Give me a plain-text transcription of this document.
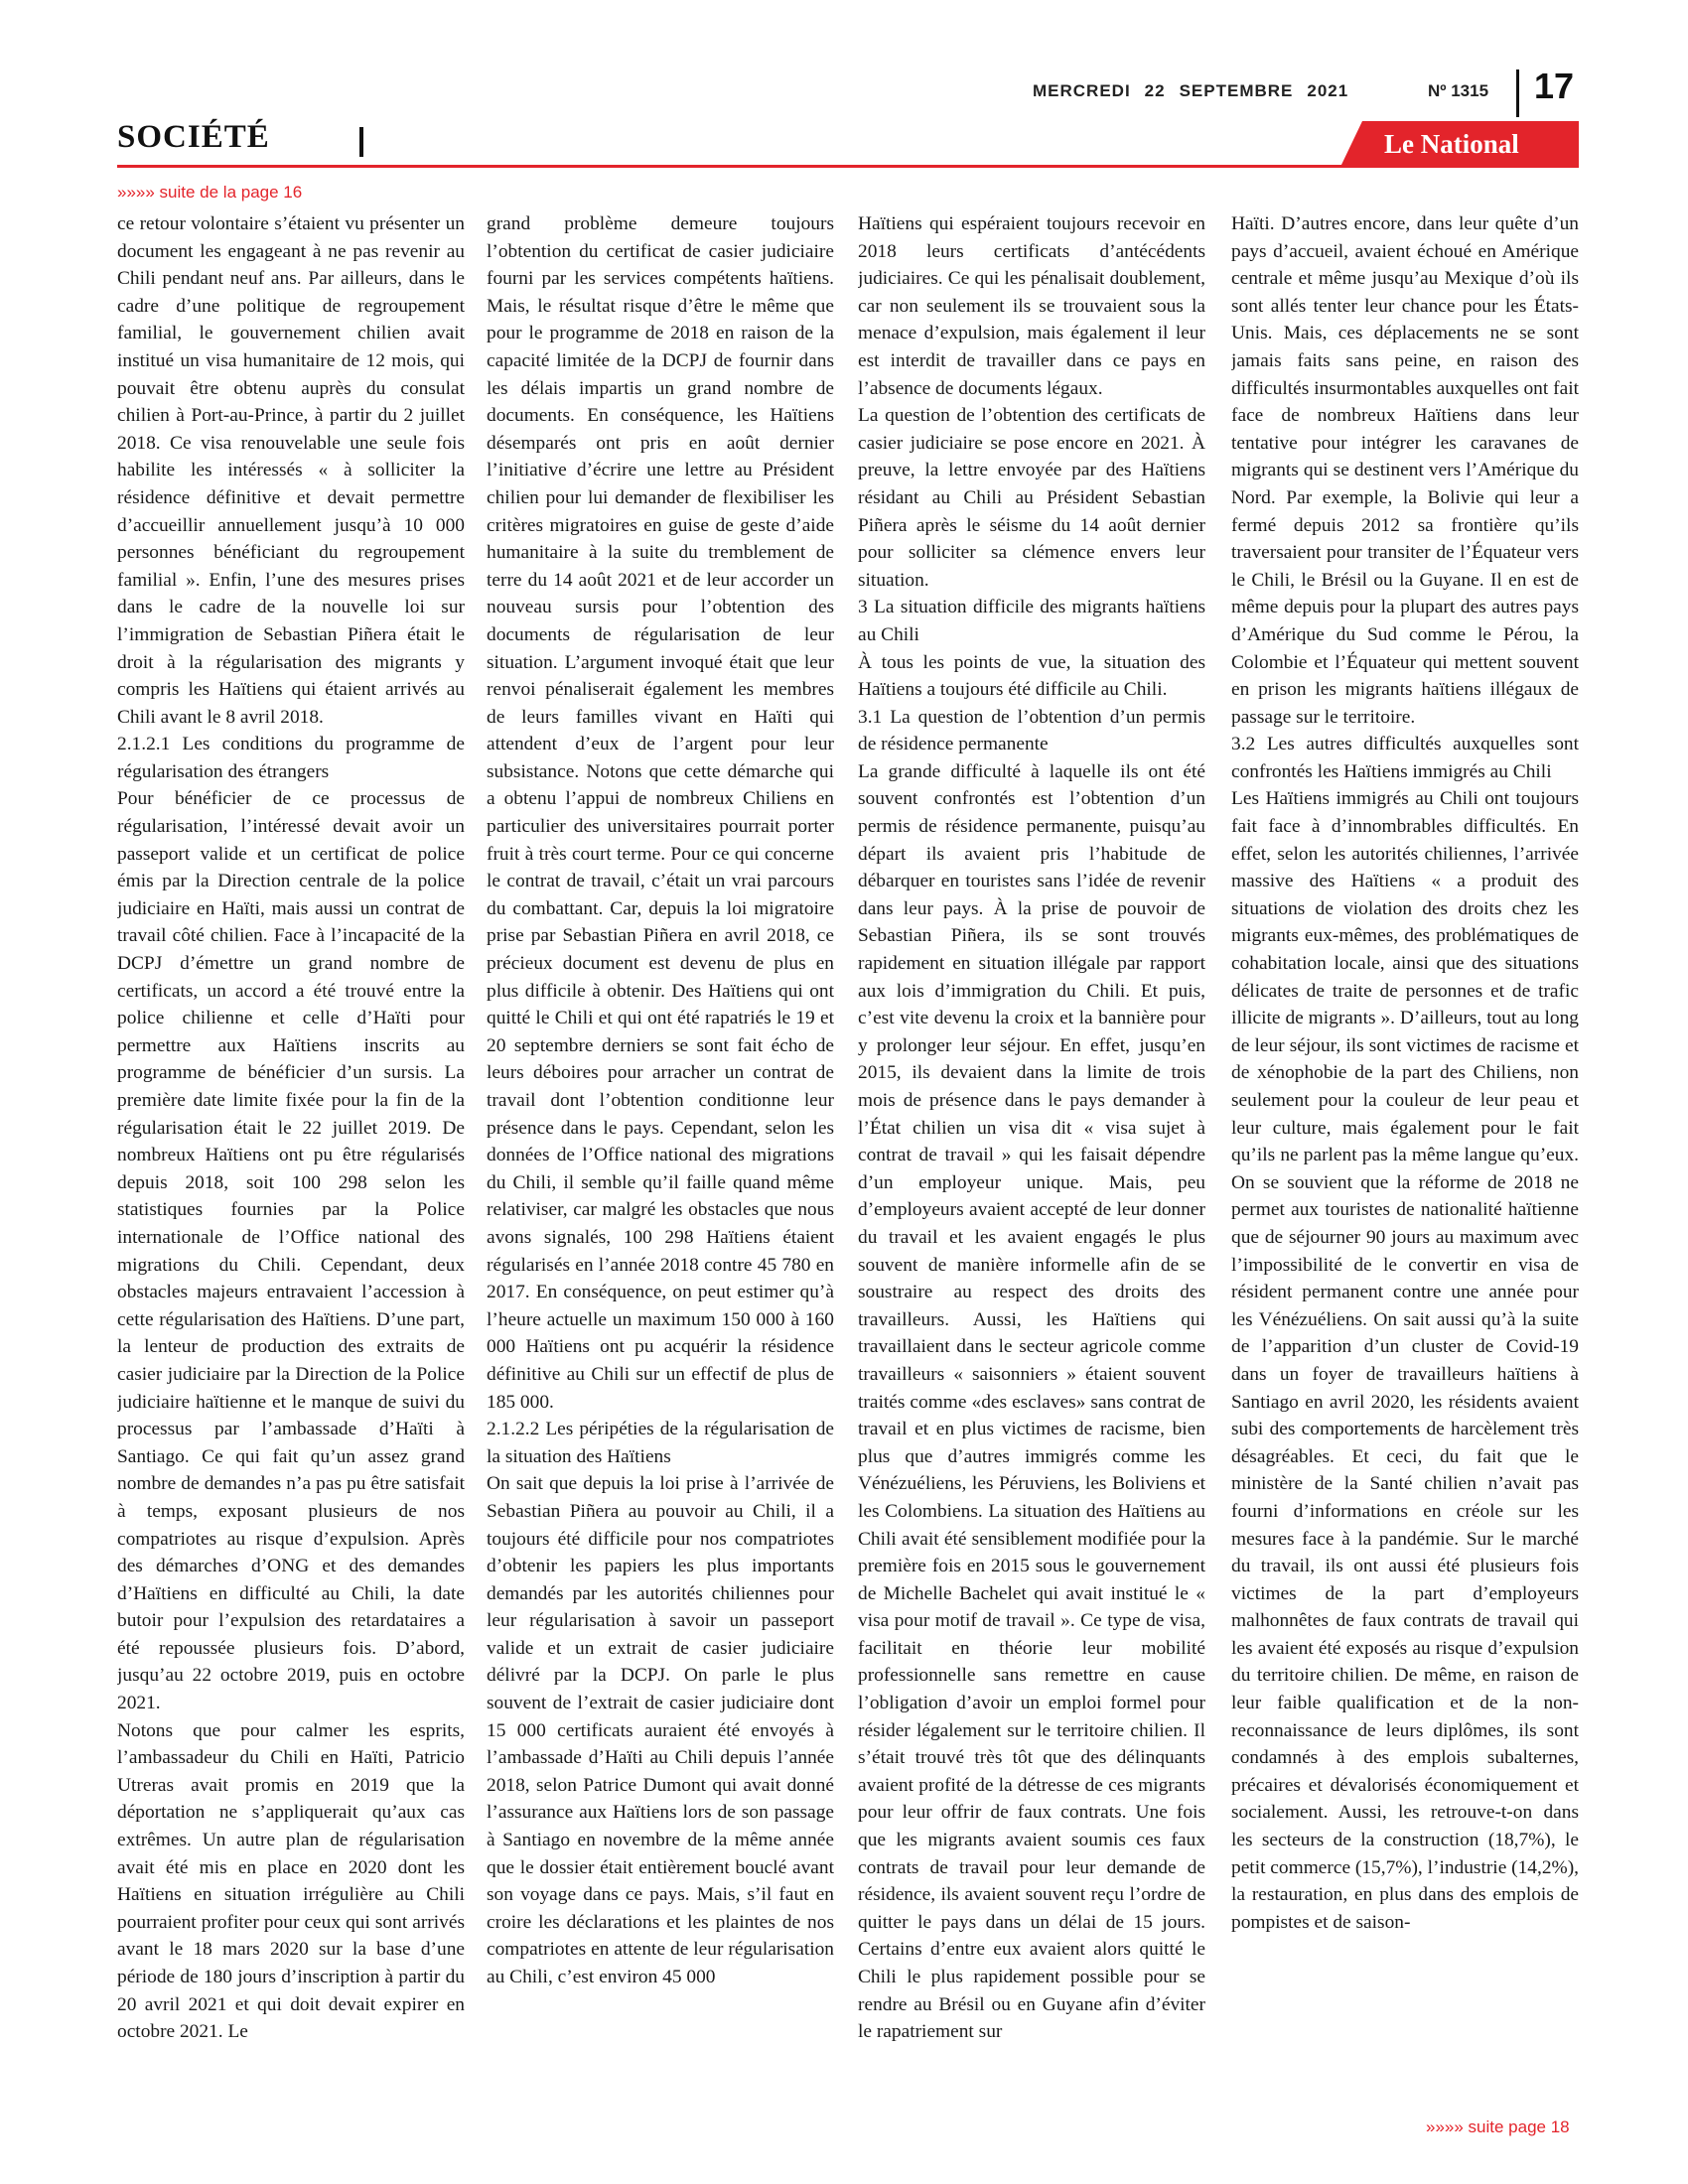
MERCREDI 22 SEPTEMBRE 2021	Nº 1315 17
SOCIÉTÉ	Le National
»»»» suite de la page 16

ce retour volontaire s’étaient vu présenter un document les engageant à ne pas revenir au Chili pendant neuf ans. Par ailleurs, dans le cadre d’une politique de regroupement familial, le gouvernement chilien avait institué un visa humanitaire de 12 mois, qui pouvait être obtenu auprès du consulat chilien à Port-au-Prince, à partir du 2 juillet 2018. Ce visa renouvelable une seule fois habilite les intéressés « à solliciter la résidence définitive et devait permettre d’accueillir annuellement jusqu’à 10 000 personnes bénéficiant du regroupement familial ». Enfin, l’une des mesures prises dans le cadre de la nouvelle loi sur l’immigration de Sebastian Piñera était le droit à la régularisation des migrants y compris les Haïtiens qui étaient arrivés au Chili avant le 8 avril 2018.

2.1.2.1 Les conditions du programme de régularisation des étrangers

Pour bénéficier de ce processus de régularisation, l’intéressé devait avoir un passeport valide et un certificat de police émis par la Direction centrale de la police judiciaire en Haïti, mais aussi un contrat de travail côté chilien. Face à l’incapacité de la DCPJ d’émettre un grand nombre de certificats, un accord a été trouvé entre la police chilienne et celle d’Haïti pour permettre aux Haïtiens inscrits au programme de bénéficier d’un sursis. La première date limite fixée pour la fin de la régularisation était le 22 juillet 2019. De nombreux Haïtiens ont pu être régularisés depuis 2018, soit 100 298 selon les statistiques fournies par la Police internationale de l’Office national des migrations du Chili. Cependant, deux obstacles majeurs entravaient l’accession à cette régularisation des Haïtiens. D’une part, la lenteur de production des extraits de casier judiciaire par la Direction de la Police judiciaire haïtienne et le manque de suivi du processus par l’ambassade d’Haïti à Santiago. Ce qui fait qu’un assez grand nombre de demandes n’a pas pu être satisfait à temps, exposant plusieurs de nos compatriotes au risque d’expulsion. Après des démarches d’ONG et des demandes d’Haïtiens en difficulté au Chili, la date butoir pour l’expulsion des retardataires a été repoussée plusieurs fois. D’abord, jusqu’au 22 octobre 2019, puis en octobre 2021.

Notons que pour calmer les esprits, l’ambassadeur du Chili en Haïti, Patricio Utreras avait promis en 2019 que la déportation ne s’appliquerait qu’aux cas extrêmes. Un autre plan de régularisation avait été mis en place en 2020 dont les Haïtiens en situation irrégulière au Chili pourraient profiter pour ceux qui sont arrivés avant le 18 mars 2020 sur la base d’une période de 180 jours d’inscription à partir du 20 avril 2021 et qui doit devait expirer en octobre 2021. Le

grand problème demeure toujours l’obtention du certificat de casier judiciaire fourni par les services compétents haïtiens. Mais, le résultat risque d’être le même que pour le programme de 2018 en raison de la capacité limitée de la DCPJ de fournir dans les délais impartis un grand nombre de documents. En conséquence, les Haïtiens désemparés ont pris en août dernier l’initiative d’écrire une lettre au Président chilien pour lui demander de flexibiliser les critères migratoires en guise de geste d’aide humanitaire à la suite du tremblement de terre du 14 août 2021 et de leur accorder un nouveau sursis pour l’obtention des documents de régularisation de leur situation. L’argument invoqué était que leur renvoi pénaliserait également les membres de leurs familles vivant en Haïti qui attendent d’eux de l’argent pour leur subsistance. Notons que cette démarche qui a obtenu l’appui de nombreux Chiliens en particulier des universitaires pourrait porter fruit à très court terme. Pour ce qui concerne le contrat de travail, c’était un vrai parcours du combattant. Car, depuis la loi migratoire prise par Sebastian Piñera en avril 2018, ce précieux document est devenu de plus en plus difficile à obtenir. Des Haïtiens qui ont quitté le Chili et qui ont été rapatriés le 19 et 20 septembre derniers se sont fait écho de leurs déboires pour arracher un contrat de travail dont l’obtention conditionne leur présence dans le pays. Cependant, selon les données de l’Office national des migrations du Chili, il semble qu’il faille quand même relativiser, car malgré les obstacles que nous avons signalés, 100 298 Haïtiens étaient régularisés en l’année 2018 contre 45 780 en 2017. En conséquence, on peut estimer qu’à l’heure actuelle un maximum 150 000 à 160 000 Haïtiens ont pu acquérir la résidence définitive au Chili sur un effectif de plus de 185 000.

2.1.2.2 Les péripéties de la régularisation de la situation des Haïtiens

On sait que depuis la loi prise à l’arrivée de Sebastian Piñera au pouvoir au Chili, il a toujours été difficile pour nos compatriotes d’obtenir les papiers les plus importants demandés par les autorités chiliennes pour leur régularisation à savoir un passeport valide et un extrait de casier judiciaire délivré par la DCPJ. On parle le plus souvent de l’extrait de casier judiciaire dont 15 000 certificats auraient été envoyés à l’ambassade d’Haïti au Chili depuis l’année 2018, selon Patrice Dumont qui avait donné l’assurance aux Haïtiens lors de son passage à Santiago en novembre de la même année que le dossier était entièrement bouclé avant son voyage dans ce pays. Mais, s’il faut en croire les déclarations et les plaintes de nos compatriotes en attente de leur régularisation au Chili, c’est environ 45 000

Haïtiens qui espéraient toujours recevoir en 2018 leurs certificats d’antécédents judiciaires. Ce qui les pénalisait doublement, car non seulement ils se trouvaient sous la menace d’expulsion, mais également il leur est interdit de travailler dans ce pays en l’absence de documents légaux.

La question de l’obtention des certificats de casier judiciaire se pose encore en 2021. À preuve, la lettre envoyée par des Haïtiens résidant au Chili au Président Sebastian Piñera après le séisme du 14 août dernier pour solliciter sa clémence envers leur situation.

3 La situation difficile des migrants haïtiens au Chili

À tous les points de vue, la situation des Haïtiens a toujours été difficile au Chili.

3.1 La question de l’obtention d’un permis de résidence permanente

La grande difficulté à laquelle ils ont été souvent confrontés est l’obtention d’un permis de résidence permanente, puisqu’au départ ils avaient pris l’habitude de débarquer en touristes sans l’idée de revenir dans leur pays. À la prise de pouvoir de Sebastian Piñera, ils se sont trouvés rapidement en situation illégale par rapport aux lois d’immigration du Chili. Et puis, c’est vite devenu la croix et la bannière pour y prolonger leur séjour. En effet, jusqu’en 2015, ils devaient dans la limite de trois mois de présence dans le pays demander à l’État chilien un visa dit « visa sujet à contrat de travail » qui les faisait dépendre d’un employeur unique. Mais, peu d’employeurs avaient accepté de leur donner du travail et les avaient engagés le plus souvent de manière informelle afin de se soustraire au respect des droits des travailleurs. Aussi, les Haïtiens qui travaillaient dans le secteur agricole comme travailleurs « saisonniers » étaient souvent traités comme «des esclaves» sans contrat de travail et en plus victimes de racisme, bien plus que d’autres immigrés comme les Vénézuéliens, les Péruviens, les Boliviens et les Colombiens. La situation des Haïtiens au Chili avait été sensiblement modifiée pour la première fois en 2015 sous le gouvernement de Michelle Bachelet qui avait institué le « visa pour motif de travail ». Ce type de visa, facilitait en théorie leur mobilité professionnelle sans remettre en cause l’obligation d’avoir un emploi formel pour résider légalement sur le territoire chilien. Il s’était trouvé très tôt que des délinquants avaient profité de la détresse de ces migrants pour leur offrir de faux contrats. Une fois que les migrants avaient soumis ces faux contrats de travail pour leur demande de résidence, ils avaient souvent reçu l’ordre de quitter le pays dans un délai de 15 jours. Certains d’entre eux avaient alors quitté le Chili le plus rapidement possible pour se rendre au Brésil ou en Guyane afin d’éviter le rapatriement sur

Haïti. D’autres encore, dans leur quête d’un pays d’accueil, avaient échoué en Amérique centrale et même jusqu’au Mexique d’où ils sont allés tenter leur chance pour les États-Unis. Mais, ces déplacements ne se sont jamais faits sans peine, en raison des difficultés insurmontables auxquelles ont fait face de nombreux Haïtiens dans leur tentative pour intégrer les caravanes de migrants qui se destinent vers l’Amérique du Nord. Par exemple, la Bolivie qui leur a fermé depuis 2012 sa frontière qu’ils traversaient pour transiter de l’Équateur vers le Chili, le Brésil ou la Guyane. Il en est de même depuis pour la plupart des autres pays d’Amérique du Sud comme le Pérou, la Colombie et l’Équateur qui mettent souvent en prison les migrants haïtiens illégaux de passage sur le territoire.

3.2 Les autres difficultés auxquelles sont confrontés les Haïtiens immigrés au Chili

Les Haïtiens immigrés au Chili ont toujours fait face à d’innombrables difficultés. En effet, selon les autorités chiliennes, l’arrivée massive des Haïtiens « a produit des situations de violation des droits chez les migrants eux-mêmes, des problématiques de cohabitation locale, ainsi que des situations délicates de traite de personnes et de trafic illicite de migrants ». D’ailleurs, tout au long de leur séjour, ils sont victimes de racisme et de xénophobie de la part des Chiliens, non seulement pour la couleur de leur peau et leur culture, mais également pour le fait qu’ils ne parlent pas la même langue qu’eux. On se souvient que la réforme de 2018 ne permet aux touristes de nationalité haïtienne que de séjourner 90 jours au maximum avec l’impossibilité de le convertir en visa de résident permanent contre une année pour les Vénézuéliens. On sait aussi qu’à la suite de l’apparition d’un cluster de Covid-19 dans un foyer de travailleurs haïtiens à Santiago en avril 2020, les résidents avaient subi des comportements de harcèlement très désagréables. Et ceci, du fait que le ministère de la Santé chilien n’avait pas fourni d’informations en créole sur les mesures face à la pandémie. Sur le marché du travail, ils ont aussi été plusieurs fois victimes de la part d’employeurs malhonnêtes de faux contrats de travail qui les avaient été exposés au risque d’expulsion du territoire chilien. De même, en raison de leur faible qualification et de la non-reconnaissance de leurs diplômes, ils sont condamnés à des emplois subalternes, précaires et dévalorisés économiquement et socialement. Aussi, les retrouve-t-on dans les secteurs de la construction (18,7%), le petit commerce (15,7%), l’industrie (14,2%), la restauration, en plus dans des emplois de pompistes et de saison-

»»»» suite page 18
